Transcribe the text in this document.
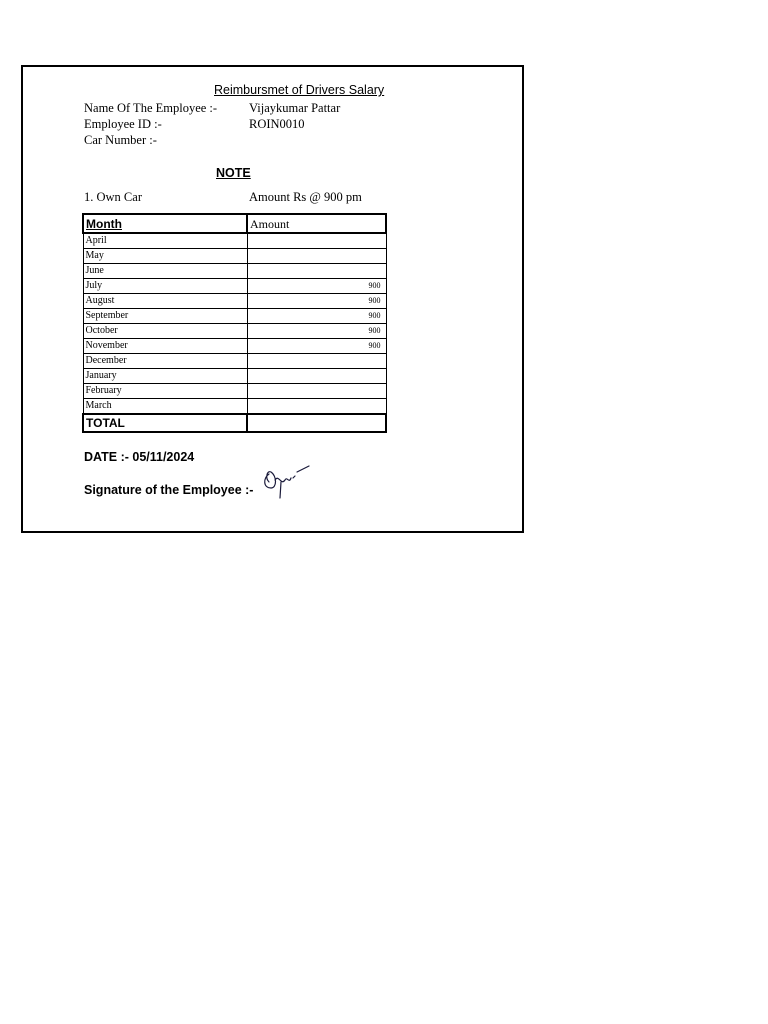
Reimbursmet of Drivers Salary
Name Of The Employee :-	Vijaykumar Pattar
Employee ID :-	ROIN0010
Car Number :-
NOTE
1. Own Car	Amount Rs @ 900 pm
Month	Amount
April	
May	
June	
July	900
August	900
September	900
October	900
November	900
December	
January	
February	
March	
TOTAL	
DATE :- 05/11/2024
Signature of the Employee :-
